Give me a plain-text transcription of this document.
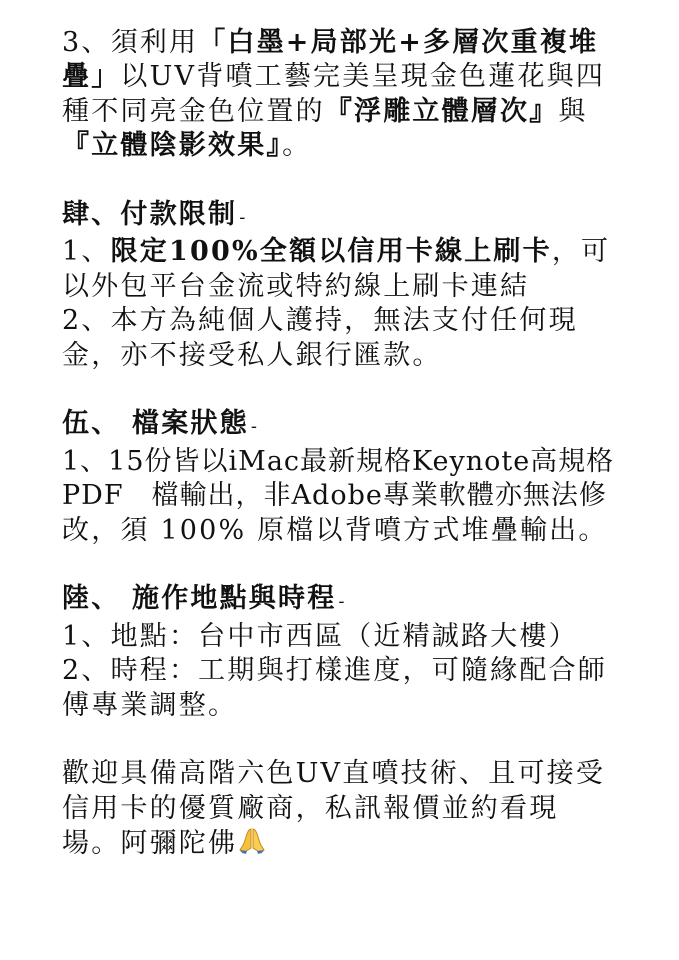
3、須利用「白墨+局部光+多層次重複堆
疊」以UV背噴工藝完美呈現金色蓮花與四
種不同亮金色位置的『浮雕立體層次』與
『立體陰影效果』。
肆、付款限制 -
1、限定100%全額以信用卡線上刷卡，可
以外包平台金流或特約線上刷卡連結
2、本方為純個人護持，無法支付任何現
金，亦不接受私人銀行匯款。
伍、 檔案狀態 -
1、15份皆以iMac最新規格Keynote高規格
PDF　檔輸出，非Adobe專業軟體亦無法修
改，須 100% 原檔以背噴方式堆疊輸出。
陸、 施作地點與時程 -
1、地點：台中市西區（近精誠路大樓）
2、時程：工期與打樣進度，可隨緣配合師
傅專業調整。
歡迎具備高階六色UV直噴技術、且可接受
信用卡的優質廠商，私訊報價並約看現
場。阿彌陀佛
